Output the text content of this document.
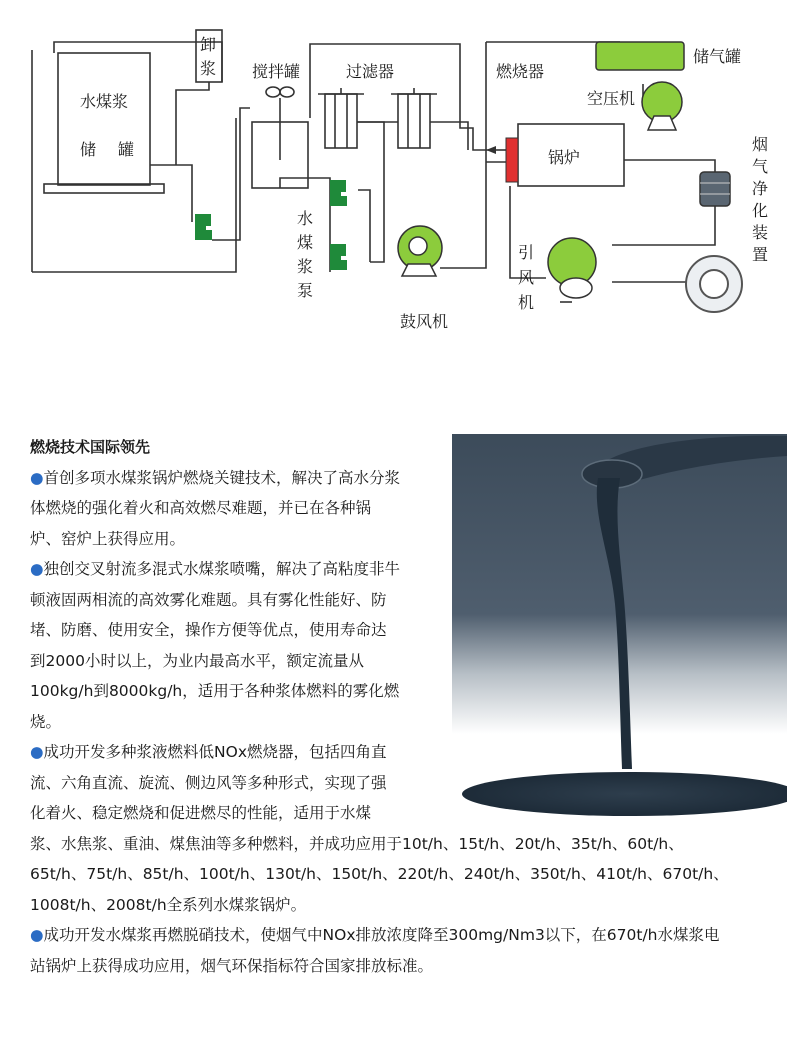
水煤浆
储 罐
卸
浆 搅拌罐	过滤器	燃烧器
储气罐
空压机
锅炉
鼓风机
水
煤
浆
泵
引
风
机
烟
气
净
化
装
置
燃烧技术国际领先

●首创多项水煤浆锅炉燃烧关键技术，解决了高水分浆

体燃烧的强化着火和高效燃尽难题，并已在各种锅

炉、窑炉上获得应用。

●独创交叉射流多混式水煤浆喷嘴，解决了高粘度非牛

顿液固两相流的高效雾化难题。具有雾化性能好、防

堵、防磨、使用安全，操作方便等优点，使用寿命达

到2000小时以上，为业内最高水平，额定流量从

100kg/h到8000kg/h，适用于各种浆体燃料的雾化燃

烧。

●成功开发多种浆液燃料低NOx燃烧器，包括四角直

流、六角直流、旋流、侧边风等多种形式，实现了强

化着火、稳定燃烧和促进燃尽的性能，适用于水煤

浆、水焦浆、重油、煤焦油等多种燃料，并成功应用于10t/h、15t/h、20t/h、35t/h、60t/h、

65t/h、75t/h、85t/h、100t/h、130t/h、150t/h、220t/h、240t/h、350t/h、410t/h、670t/h、

1008t/h、2008t/h全系列水煤浆锅炉。

●成功开发水煤浆再燃脱硝技术，使烟气中NOx排放浓度降至300mg/Nm3以下，在670t/h水煤浆电

站锅炉上获得成功应用，烟气环保指标符合国家排放标准。
